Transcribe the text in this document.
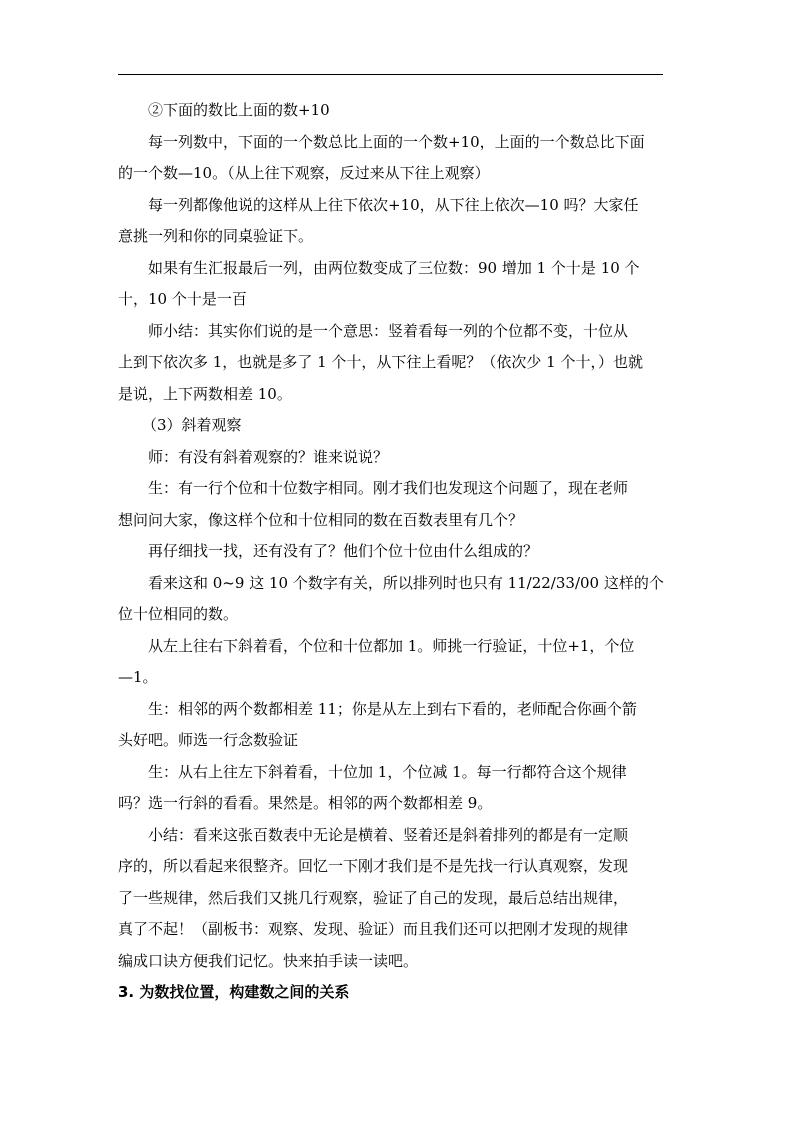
②下面的数比上面的数+10
每一列数中，下面的一个数总比上面的一个数+10，上面的一个数总比下面
的一个数—10。（从上往下观察，反过来从下往上观察）
每一列都像他说的这样从上往下依次+10，从下往上依次—10 吗？大家任
意挑一列和你的同桌验证下。
如果有生汇报最后一列，由两位数变成了三位数：90 增加 1 个十是 10 个
十，10 个十是一百
师小结：其实你们说的是一个意思：竖着看每一列的个位都不变，十位从
上到下依次多 1，也就是多了 1 个十，从下往上看呢？（依次少 1 个十，）也就
是说，上下两数相差 10。
（3）斜着观察
师：有没有斜着观察的？谁来说说？
生：有一行个位和十位数字相同。刚才我们也发现这个问题了，现在老师
想问问大家，像这样个位和十位相同的数在百数表里有几个？
再仔细找一找，还有没有了？他们个位十位由什么组成的？
看来这和 0~9 这 10 个数字有关，所以排列时也只有 11/22/33/00 这样的个
位十位相同的数。
从左上往右下斜着看，个位和十位都加 1。师挑一行验证，十位+1，个位
—1。
生：相邻的两个数都相差 11；你是从左上到右下看的，老师配合你画个箭
头好吧。师选一行念数验证
生：从右上往左下斜着看，十位加 1，个位减 1。每一行都符合这个规律
吗？选一行斜的看看。果然是。相邻的两个数都相差 9。
小结：看来这张百数表中无论是横着、竖着还是斜着排列的都是有一定顺
序的，所以看起来很整齐。回忆一下刚才我们是不是先找一行认真观察，发现
了一些规律，然后我们又挑几行观察，验证了自己的发现，最后总结出规律，
真了不起！（副板书：观察、发现、验证）而且我们还可以把刚才发现的规律
编成口诀方便我们记忆。快来拍手读一读吧。
3. 为数找位置，构建数之间的关系
